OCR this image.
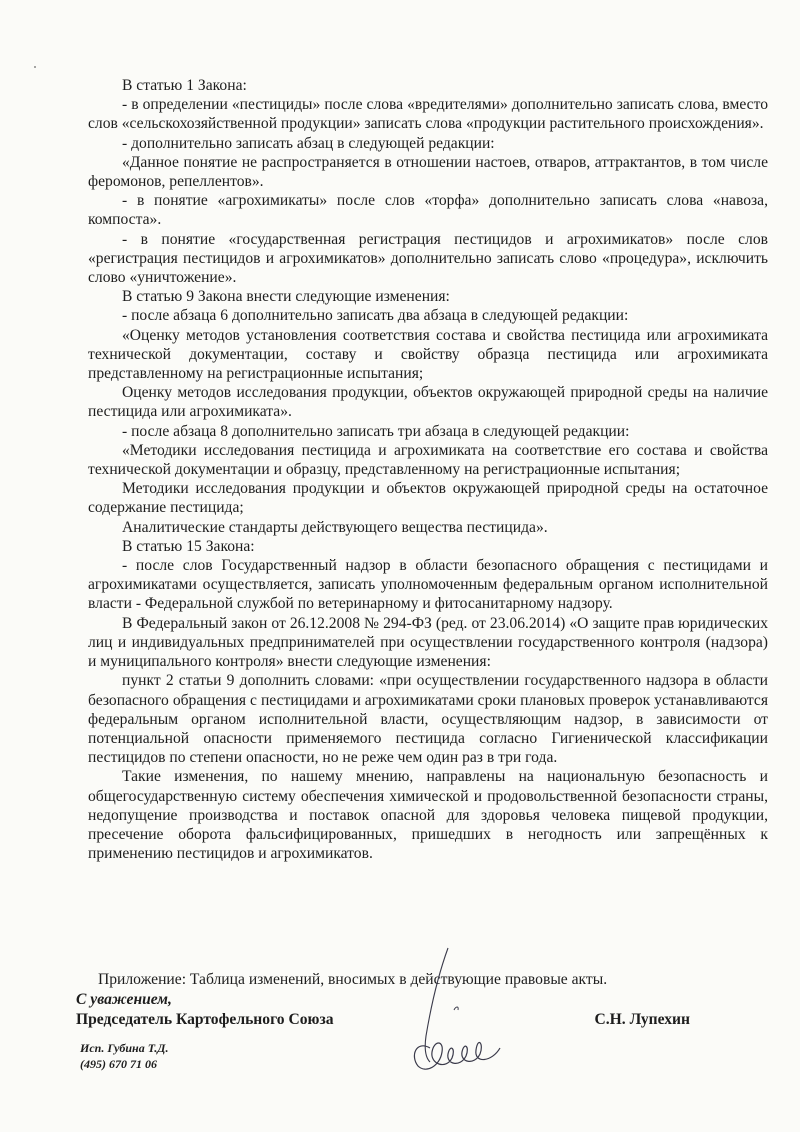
В статью 1 Закона:

- в определении «пестициды» после слова «вредителями» дополнительно записать слова, вместо слов «сельскохозяйственной продукции» записать слова «продукции растительного происхождения».

- дополнительно записать абзац в следующей редакции:

«Данное понятие не распространяется в отношении настоев, отваров, аттрактантов, в том числе феромонов, репеллентов».

- в понятие «агрохимикаты» после слов «торфа» дополнительно записать слова «навоза, компоста».

- в понятие «государственная регистрация пестицидов и агрохимикатов» после слов «регистрация пестицидов и агрохимикатов» дополнительно записать слово «процедура», исключить слово «уничтожение».

В статью 9 Закона внести следующие изменения:

- после абзаца 6 дополнительно записать два абзаца в следующей редакции:

«Оценку методов установления соответствия состава и свойства пестицида или агрохимиката технической документации, составу и свойству образца пестицида или агрохимиката представленному на регистрационные испытания;

Оценку методов исследования продукции, объектов окружающей природной среды на наличие пестицида или агрохимиката».

- после абзаца 8 дополнительно записать три абзаца в следующей редакции:

«Методики исследования пестицида и агрохимиката на соответствие его состава и свойства технической документации и образцу, представленному на регистрационные испытания;

Методики исследования продукции и объектов окружающей природной среды на остаточное содержание пестицида;

Аналитические стандарты действующего вещества пестицида».

В статью 15 Закона:

- после слов Государственный надзор в области безопасного обращения с пестицидами и агрохимикатами осуществляется, записать уполномоченным федеральным органом исполнительной власти - Федеральной службой по ветеринарному и фитосанитарному надзору.

В Федеральный закон от 26.12.2008 № 294-ФЗ (ред. от 23.06.2014) «О защите прав юридических лиц и индивидуальных предпринимателей при осуществлении государственного контроля (надзора) и муниципального контроля» внести следующие изменения:

пункт 2 статьи 9 дополнить словами: «при осуществлении государственного надзора в области безопасного обращения с пестицидами и агрохимикатами сроки плановых проверок устанавливаются федеральным органом исполнительной власти, осуществляющим надзор, в зависимости от потенциальной опасности применяемого пестицида согласно Гигиенической классификации пестицидов по степени опасности, но не реже чем один раз в три года.

Такие изменения, по нашему мнению, направлены на национальную безопасность и общегосударственную систему обеспечения химической и продовольственной безопасности страны, недопущение производства и поставок опасной для здоровья человека пищевой продукции, пресечение оборота фальсифицированных, пришедших в негодность или запрещённых к применению пестицидов и агрохимикатов.

Приложение: Таблица изменений, вносимых в действующие правовые акты.

С уважением,

Председатель Картофельного Союза	С.Н. Лупехин

Исп. Губина Т.Д.

(495) 670 71 06
